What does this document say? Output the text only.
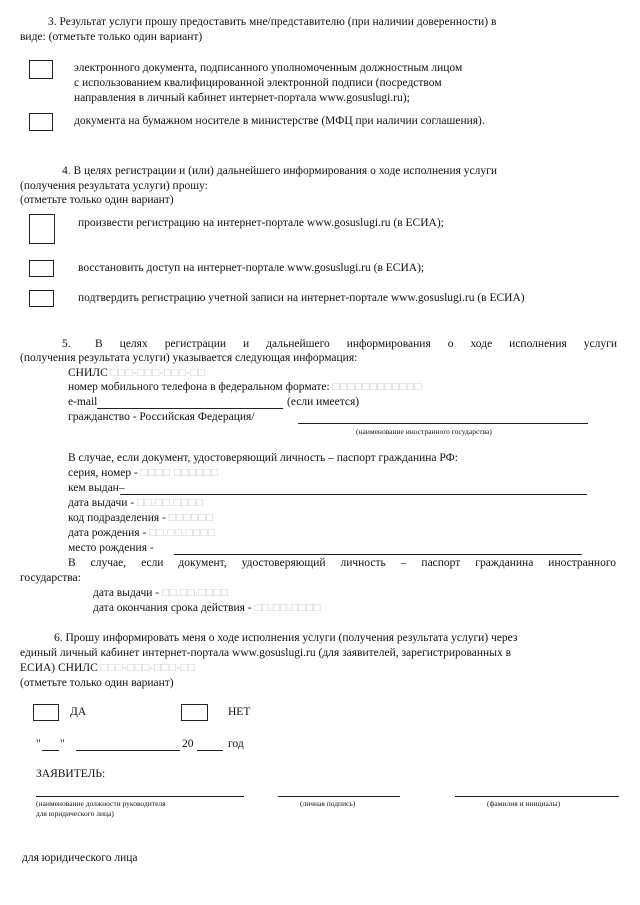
3. Результат услуги прошу предоставить мне/представителю (при наличии доверенности) в
виде: (отметьте только один вариант)
электронного документа, подписанного уполномоченным должностным лицом
с использованием квалифицированной электронной подписи (посредством
направления в личный кабинет интернет-портала www.gosuslugi.ru);
документа на бумажном носителе в министерстве (МФЦ при наличии соглашения).
4. В целях регистрации и (или) дальнейшего информирования о ходе исполнения услуги
(получения результата услуги) прошу:
(отметьте только один вариант)
произвести регистрацию на интернет-портале www.gosuslugi.ru (в ЕСИА);
восстановить доступ на интернет-портале www.gosuslugi.ru (в ЕСИА);
подтвердить регистрацию учетной записи на интернет-портале www.gosuslugi.ru (в ЕСИА)
5. В целях регистрации и дальнейшего информирования о ходе исполнения услуги
(получения результата услуги) указывается следующая информация:
СНИЛС □□□-□□□-□□□-□□
номер мобильного телефона в федеральном формате: □□□□□□□□□□□□
e-mail	(если имеется)
гражданство - Российская Федерация/
(наименование иностранного государства)
В случае, если документ, удостоверяющий личность – паспорт гражданина РФ:
серия, номер - □□□□ □□□□□□
кем выдан–
дата выдачи - □□.□□.□□□□
код подразделения - □□□□□□
дата рождения - □□.□□.□□□□
место рождения -
В случае, если документ, удостоверяющий личность – паспорт гражданина иностранного
государства:
дата выдачи - □□.□□.□□□□
дата окончания срока действия - □□.□□.□□□□
6. Прошу информировать меня о ходе исполнения услуги (получения результата услуги) через
единый личный кабинет интернет-портала www.gosuslugi.ru (для заявителей, зарегистрированных в
ЕСИА) СНИЛС □□□-□□□-□□□-□□
(отметьте только один вариант)
ДА	НЕТ
" "	20	год
ЗАЯВИТЕЛЬ:
(наименование должности руководителя
для юридического лица)
(личная подпись)	(фамилия и инициалы)
для юридического лица
